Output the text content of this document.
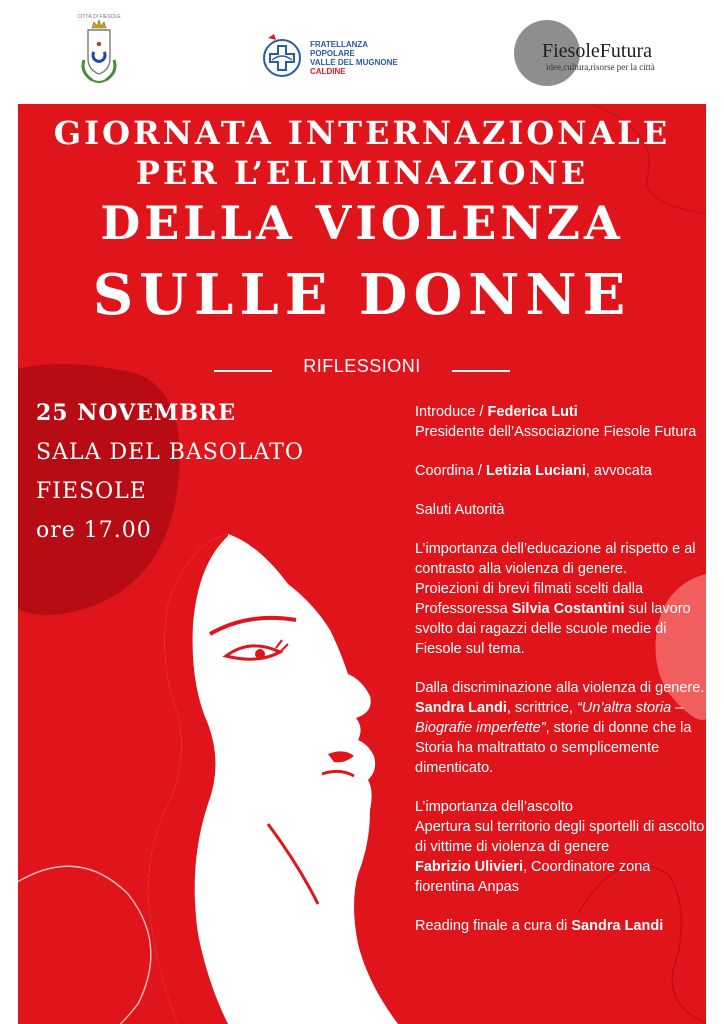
CITTÀ DI FIESOLE
FRATELLANZA
POPOLARE
VALLE DEL MUGNONE
CALDINE
FiesoleFutura
idee,cultura,risorse per la città
GIORNATA INTERNAZIONALE
PER L’ELIMINAZIONE
DELLA VIOLENZA
SULLE DONNE
RIFLESSIONI
25 NOVEMBRE
SALA DEL BASOLATO
FIESOLE
ore 17.00

Introduce / Federica Luti
Presidente dell’Associazione Fiesole Futura

Coordina / Letizia Luciani, avvocata

Saluti Autorità

L’importanza dell’educazione al rispetto e al contrasto alla violenza di genere.
Proiezioni di brevi filmati scelti dalla Professoressa Silvia Costantini sul lavoro svolto dai ragazzi delle scuole medie di Fiesole sul tema.

Dalla discriminazione alla violenza di genere.
Sandra Landi, scrittrice, “Un’altra storia – Biografie imperfette”, storie di donne che la Storia ha maltrattato o semplicemente dimenticato.

L’importanza dell’ascolto
Apertura sul territorio degli sportelli di ascolto di vittime di violenza di genere
Fabrizio Ulivieri, Coordinatore zona fiorentina Anpas

Reading finale a cura di Sandra Landi
